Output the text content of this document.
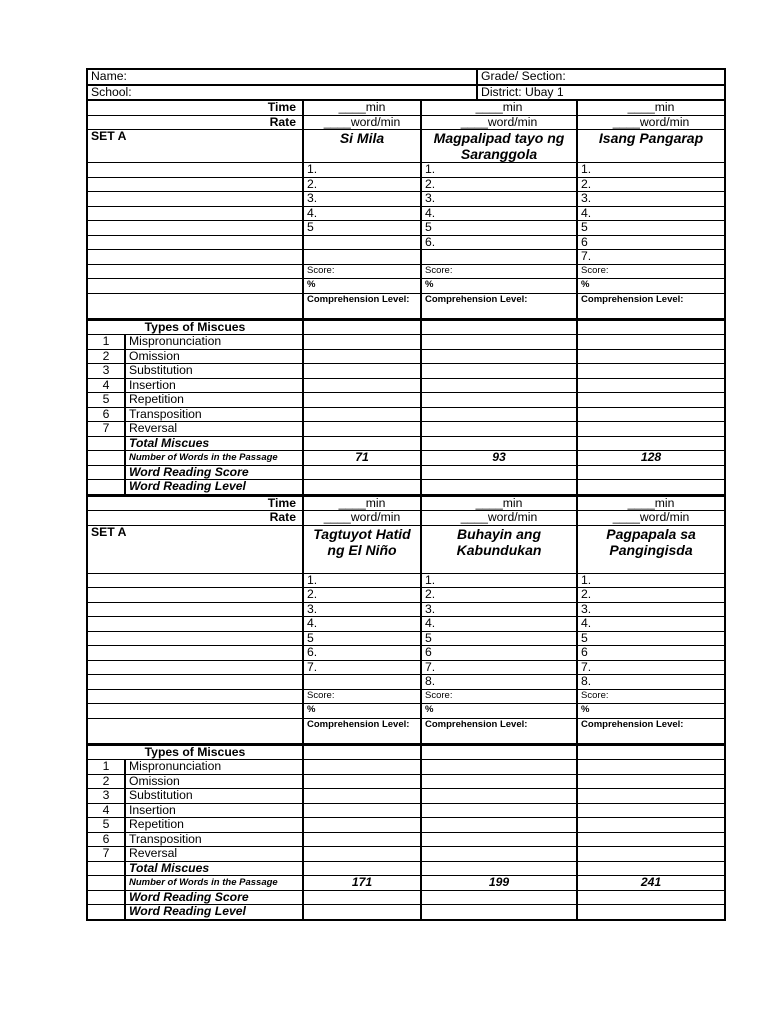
Name:				Grade/ Section:	
School:				District: Ubay 1	
Time		____min	____min		____min
Rate		____word/min	____word/min		____word/min
SET A		Si Mila	Magpalipad tayo ng Saranggola		Isang Pangarap
		1.	1.		1.
		2.	2.		2.
		3.	3.		3.
		4.	4.		4.
		5	5		5
			6.		6
					7.
		Score:	Score:		Score:
		%	%		%
		Comprehension Level:	Comprehension Level:		Comprehension Level:
Types of Miscues					
1	Mispronunciation				
2	Omission				
3	Substitution				
4	Insertion				
5	Repetition				
6	Transposition				
7	Reversal				
	Total Miscues				
	Number of Words in the Passage	71	93		128
	Word Reading Score				
	Word Reading Level				
Time		____min	____min		____min
Rate		____word/min	____word/min		____word/min
SET A		Tagtuyot Hatid ng El Niño	Buhayin ang Kabundukan		Pagpapala sa Pangingisda
		1.	1.		1.
		2.	2.		2.
		3.	3.		3.
		4.	4.		4.
		5	5		5
		6.	6		6
		7.	7.		7.
			8.		8.
		Score:	Score:		Score:
		%	%		%
		Comprehension Level:	Comprehension Level:		Comprehension Level:
Types of Miscues					
1	Mispronunciation				
2	Omission				
3	Substitution				
4	Insertion				
5	Repetition				
6	Transposition				
7	Reversal				
	Total Miscues				
	Number of Words in the Passage	171	199		241
	Word Reading Score				
	Word Reading Level				
